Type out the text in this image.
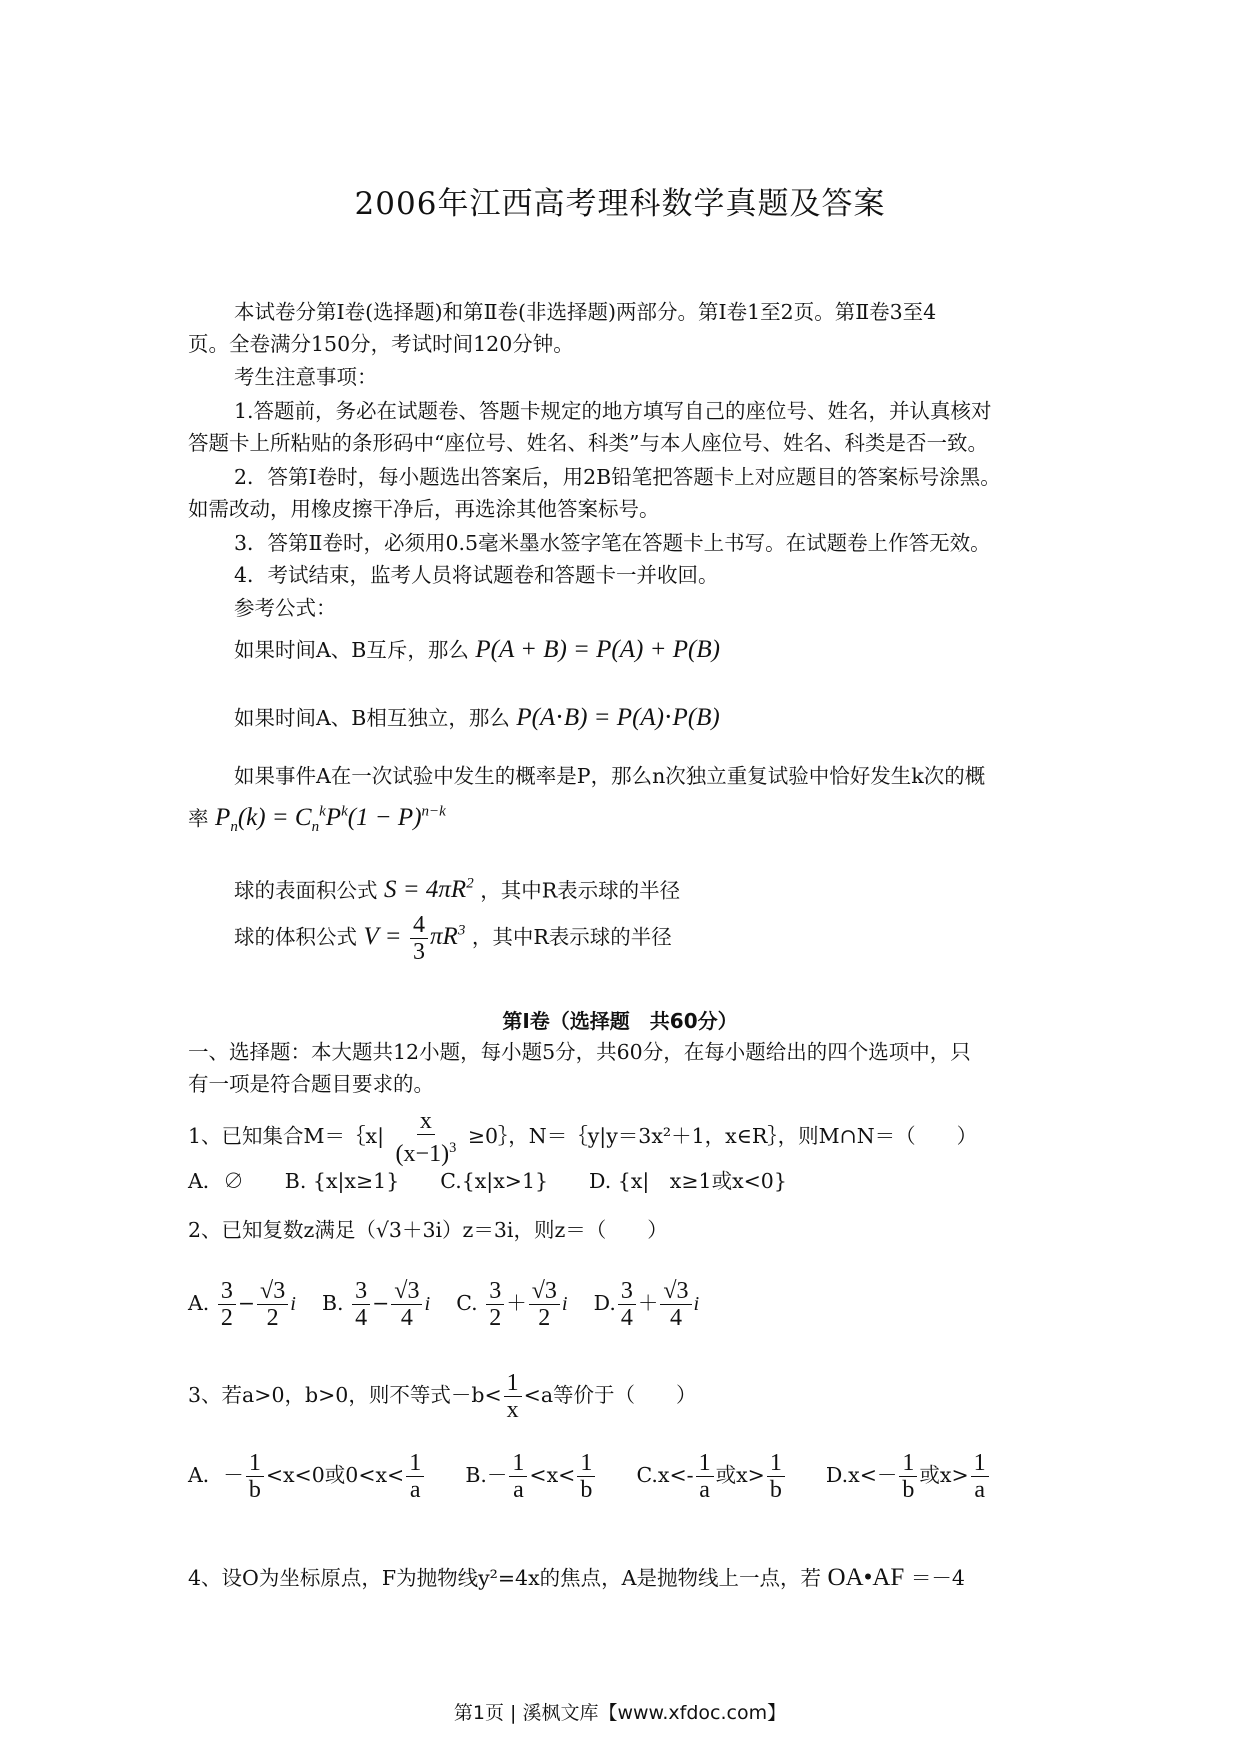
2006年江西高考理科数学真题及答案
本试卷分第Ⅰ卷(选择题)和第Ⅱ卷(非选择题)两部分。第Ⅰ卷1至2页。第Ⅱ卷3至4
页。全卷满分150分，考试时间120分钟。
考生注意事项：
1.答题前，务必在试题卷、答题卡规定的地方填写自己的座位号、姓名，并认真核对
答题卡上所粘贴的条形码中“座位号、姓名、科类”与本人座位号、姓名、科类是否一致。
2．答第Ⅰ卷时，每小题选出答案后，用2B铅笔把答题卡上对应题目的答案标号涂黑。
如需改动，用橡皮擦干净后，再选涂其他答案标号。
3．答第Ⅱ卷时，必须用0.5毫米墨水签字笔在答题卡上书写。在试题卷上作答无效。
4．考试结束，监考人员将试题卷和答题卡一并收回。
参考公式：
如果时间A、B互斥，那么 P(A + B) = P(A) + P(B)
如果时间A、B相互独立，那么 P(A⋅B) = P(A)⋅P(B)
如果事件A在一次试验中发生的概率是P，那么n次独立重复试验中恰好发生k次的概
率 $P_n(k) = C_n^kP^k(1 - P)^{n-k}$
球的表面积公式 $S = 4\pi R^2$ ，其中R表示球的半径
球的体积公式 $V = \frac{4}{3} \pi R^3$ ，其中R表示球的半径
第Ⅰ卷（选择题　共60分）
一、选择题：本大题共12小题，每小题5分，共60分，在每小题给出的四个选项中，只
有一项是符合题目要求的。
1、已知集合M＝｛x| $\frac{x}{(x-1)^3}$ ≥0｝，N＝｛y|y＝3x²＋1，x∈R｝，则M∩N＝（　　）
A．∅　　B. {x|x≥1}　　C.{x|x>1}　　D. {x|　x≥1或x<0}
2、已知复数z满足（√3＋3i）z＝3i，则z＝（　　）
A. $\frac{3}{2} - \frac{√3}{2}$ i    B. $\frac{3}{4} - \frac{√3}{4}$ i    C. $\frac{3}{2} + \frac{√3}{2}$ i    D. $\frac{3}{4} + \frac{√3}{4}$ i
3、若a>0，b>0，则不等式$-b< \frac{1}{x} <a$等价于（　　）
A．－ $\frac{1}{b} <x<0$或$0<x< \frac{1}{a} B.- \frac{1}{a} <x< \frac{1}{b} C.x<- \frac{1}{a}$ 或$x> \frac{1}{b} D.x<- \frac{1}{b}$ 或$x> \frac{1}{a}$
4、设O为坐标原点，F为抛物线y²=4x的焦点，A是抛物线上一点，若 OA•AF ＝－4
第1页 | 溪枫文库【www.xfdoc.com】
